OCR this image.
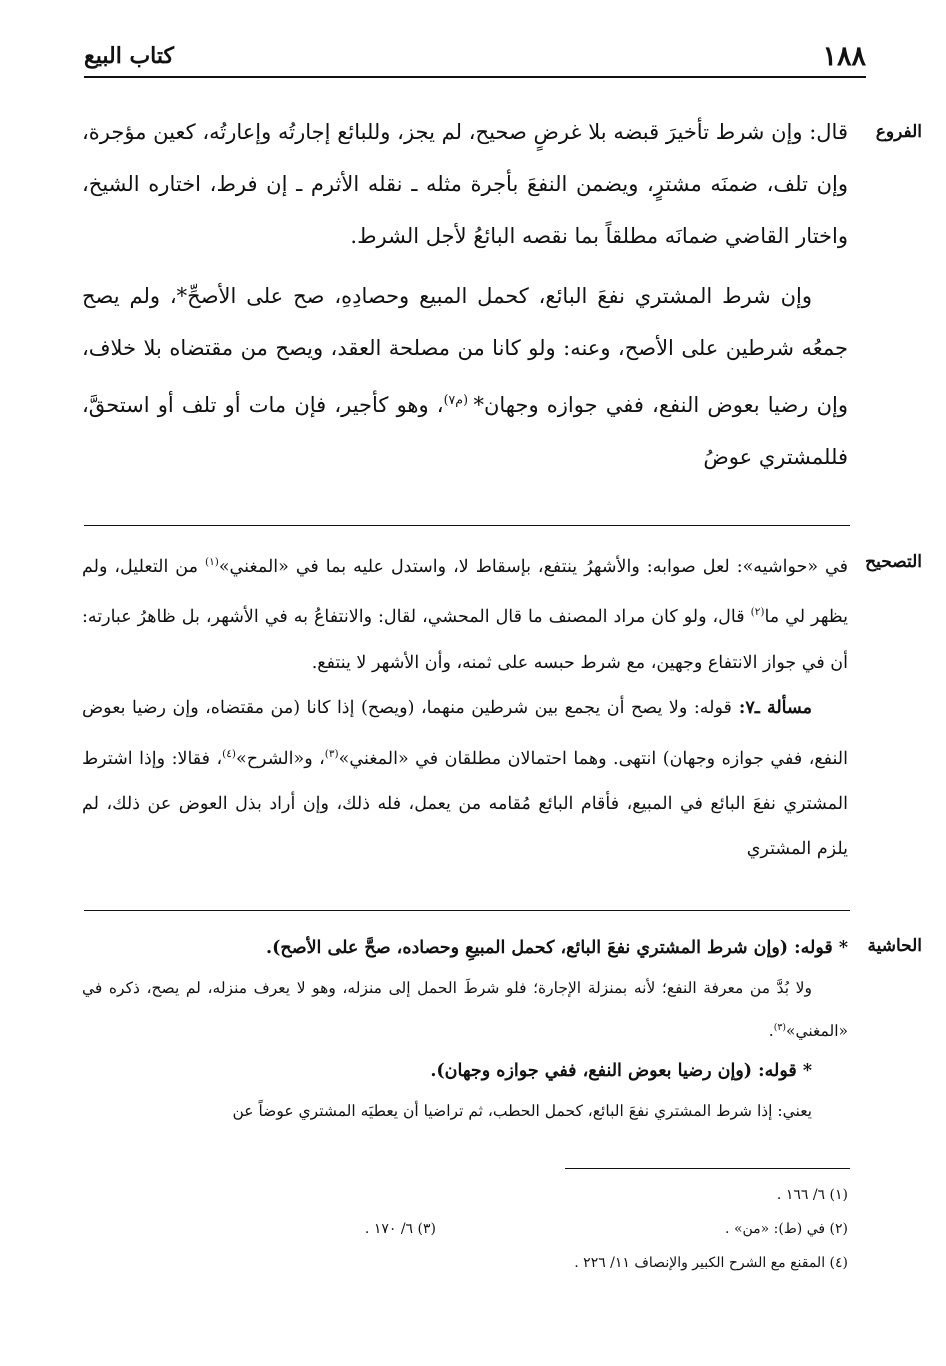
١٨٨
كتاب البيع
الفروع
التصحيح
الحاشية

قال: وإن شرط تأخيرَ قبضه بلا غرضٍ صحيح، لم يجز، وللبائع إجارتُه وإعارتُه، كعين مؤجرة، وإن تلف، ضمنَه مشترٍ، ويضمن النفعَ بأجرة مثله ـ نقله الأثرم ـ إن فرط، اختاره الشيخ، واختار القاضي ضمانَه مطلقاً بما نقصه البائعُ لأجل الشرط.

وإن شرط المشتري نفعَ البائع، كحمل المبيع وحصادِهِ، صح على الأصحِّ*، ولم يصح جمعُه شرطين على الأصح، وعنه: ولو كانا من مصلحة العقد، ويصح من مقتضاه بلا خلاف، وإن رضيا بعوض النفع، ففي جوازه وجهان* $^{(م٧)}$، وهو كأجير، فإن مات أو تلف أو استحقَّ، فللمشتري عوضُ

في «حواشيه»: لعل صوابه: والأشهرُ ينتفع، بإسقاط لا، واستدل عليه بما في «المغني»$^{(١)}$ من التعليل، ولم يظهر لي ما$^{(٢)}$ قال، ولو كان مراد المصنف ما قال المحشي، لقال: والانتفاعُ به في الأشهر، بل ظاهرُ عبارته: أن في جواز الانتفاع وجهين، مع شرط حبسه على ثمنه، وأن الأشهر لا ينتفع.

مسألة ـ٧: قوله: ولا يصح أن يجمع بين شرطين منهما، (ويصح) إذا كانا (من مقتضاه، وإن رضيا بعوض النفع، ففي جوازه وجهان) انتهى. وهما احتمالان مطلقان في «المغني»$^{(٣)}$، و«الشرح»$^{(٤)}$، فقالا: وإذا اشترط المشتري نفعَ البائع في المبيع، فأقام البائع مُقامه من يعمل، فله ذلك، وإن أراد بذل العوض عن ذلك، لم يلزم المشتري

* قوله: (وإن شرط المشتري نفعَ البائع، كحمل المبيعِ وحصاده، صحَّ على الأصح).

ولا بُدَّ من معرفة النفع؛ لأنه بمنزلة الإجارة؛ فلو شرطَ الحمل إلى منزله، وهو لا يعرف منزله، لم يصح، ذكره في «المغني»$^{(٣)}$.

* قوله: (وإن رضيا بعوض النفع، ففي جوازه وجهان).

يعني: إذا شرط المشتري نفعَ البائع، كحمل الحطب، ثم تراضيا أن يعطيَه المشتري عوضاً عن

(١) ٦/ ١٦٦ .
(٢) في (ط): «من» .
(٣) ٦/ ١٧٠ .
(٤) المقنع مع الشرح الكبير والإنصاف ١١/ ٢٢٦ .
